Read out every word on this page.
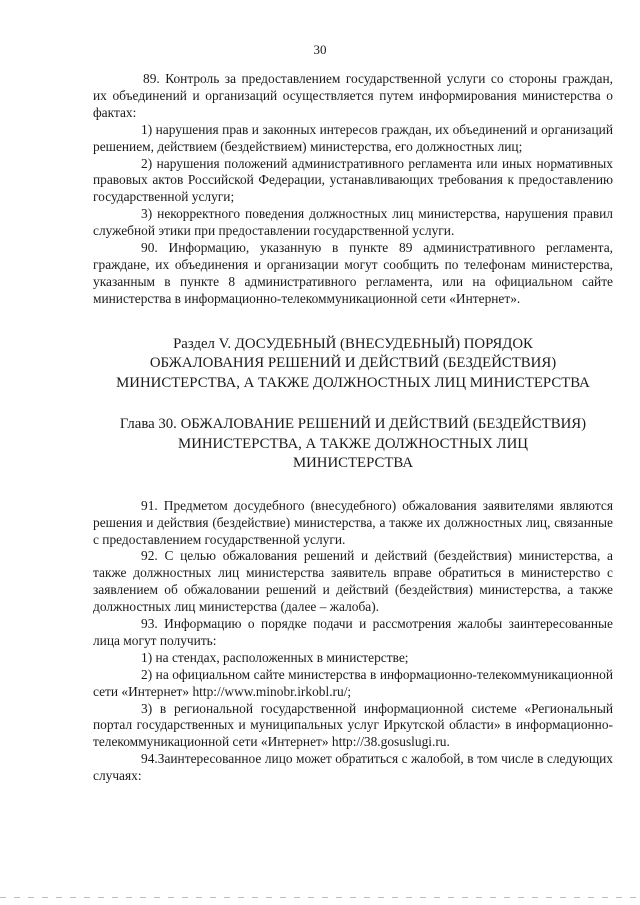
30

89. Контроль за предоставлением государственной услуги со стороны граждан, их объединений и организаций осуществляется путем информирования министерства о фактах:

1) нарушения прав и законных интересов граждан, их объединений и организаций решением, действием (бездействием) министерства, его должностных лиц;

2) нарушения положений административного регламента или иных нормативных правовых актов Российской Федерации, устанавливающих требования к предоставлению государственной услуги;

3) некорректного поведения должностных лиц министерства, нарушения правил служебной этики при предоставлении государственной услуги.

90. Информацию, указанную в пункте 89 административного регламента, граждане, их объединения и организации могут сообщить по телефонам министерства, указанным в пункте 8 административного регламента, или на официальном сайте министерства в информационно-телекоммуникационной сети «Интернет».

Раздел V. ДОСУДЕБНЫЙ (ВНЕСУДЕБНЫЙ) ПОРЯДОК
ОБЖАЛОВАНИЯ РЕШЕНИЙ И ДЕЙСТВИЙ (БЕЗДЕЙСТВИЯ)
МИНИСТЕРСТВА, А ТАКЖЕ ДОЛЖНОСТНЫХ ЛИЦ МИНИСТЕРСТВА
Глава 30. ОБЖАЛОВАНИЕ РЕШЕНИЙ И ДЕЙСТВИЙ (БЕЗДЕЙСТВИЯ)
МИНИСТЕРСТВА, А ТАКЖЕ ДОЛЖНОСТНЫХ ЛИЦ
МИНИСТЕРСТВА

91. Предметом досудебного (внесудебного) обжалования заявителями являются решения и действия (бездействие) министерства, а также их должностных лиц, связанные с предоставлением государственной услуги.

92. С целью обжалования решений и действий (бездействия) министерства, а также должностных лиц министерства заявитель вправе обратиться в министерство с заявлением об обжаловании решений и действий (бездействия) министерства, а также должностных лиц министерства (далее – жалоба).

93. Информацию о порядке подачи и рассмотрения жалобы заинтересованные лица могут получить:

1) на стендах, расположенных в министерстве;

2) на официальном сайте министерства в информационно-телекоммуникационной сети «Интернет» http://www.minobr.irkobl.ru/;

3) в региональной государственной информационной системе «Региональный портал государственных и муниципальных услуг Иркутской области» в информационно-телекоммуникационной сети «Интернет» http://38.gosuslugi.ru.

94.Заинтересованное лицо может обратиться с жалобой, в том числе в следующих случаях:
